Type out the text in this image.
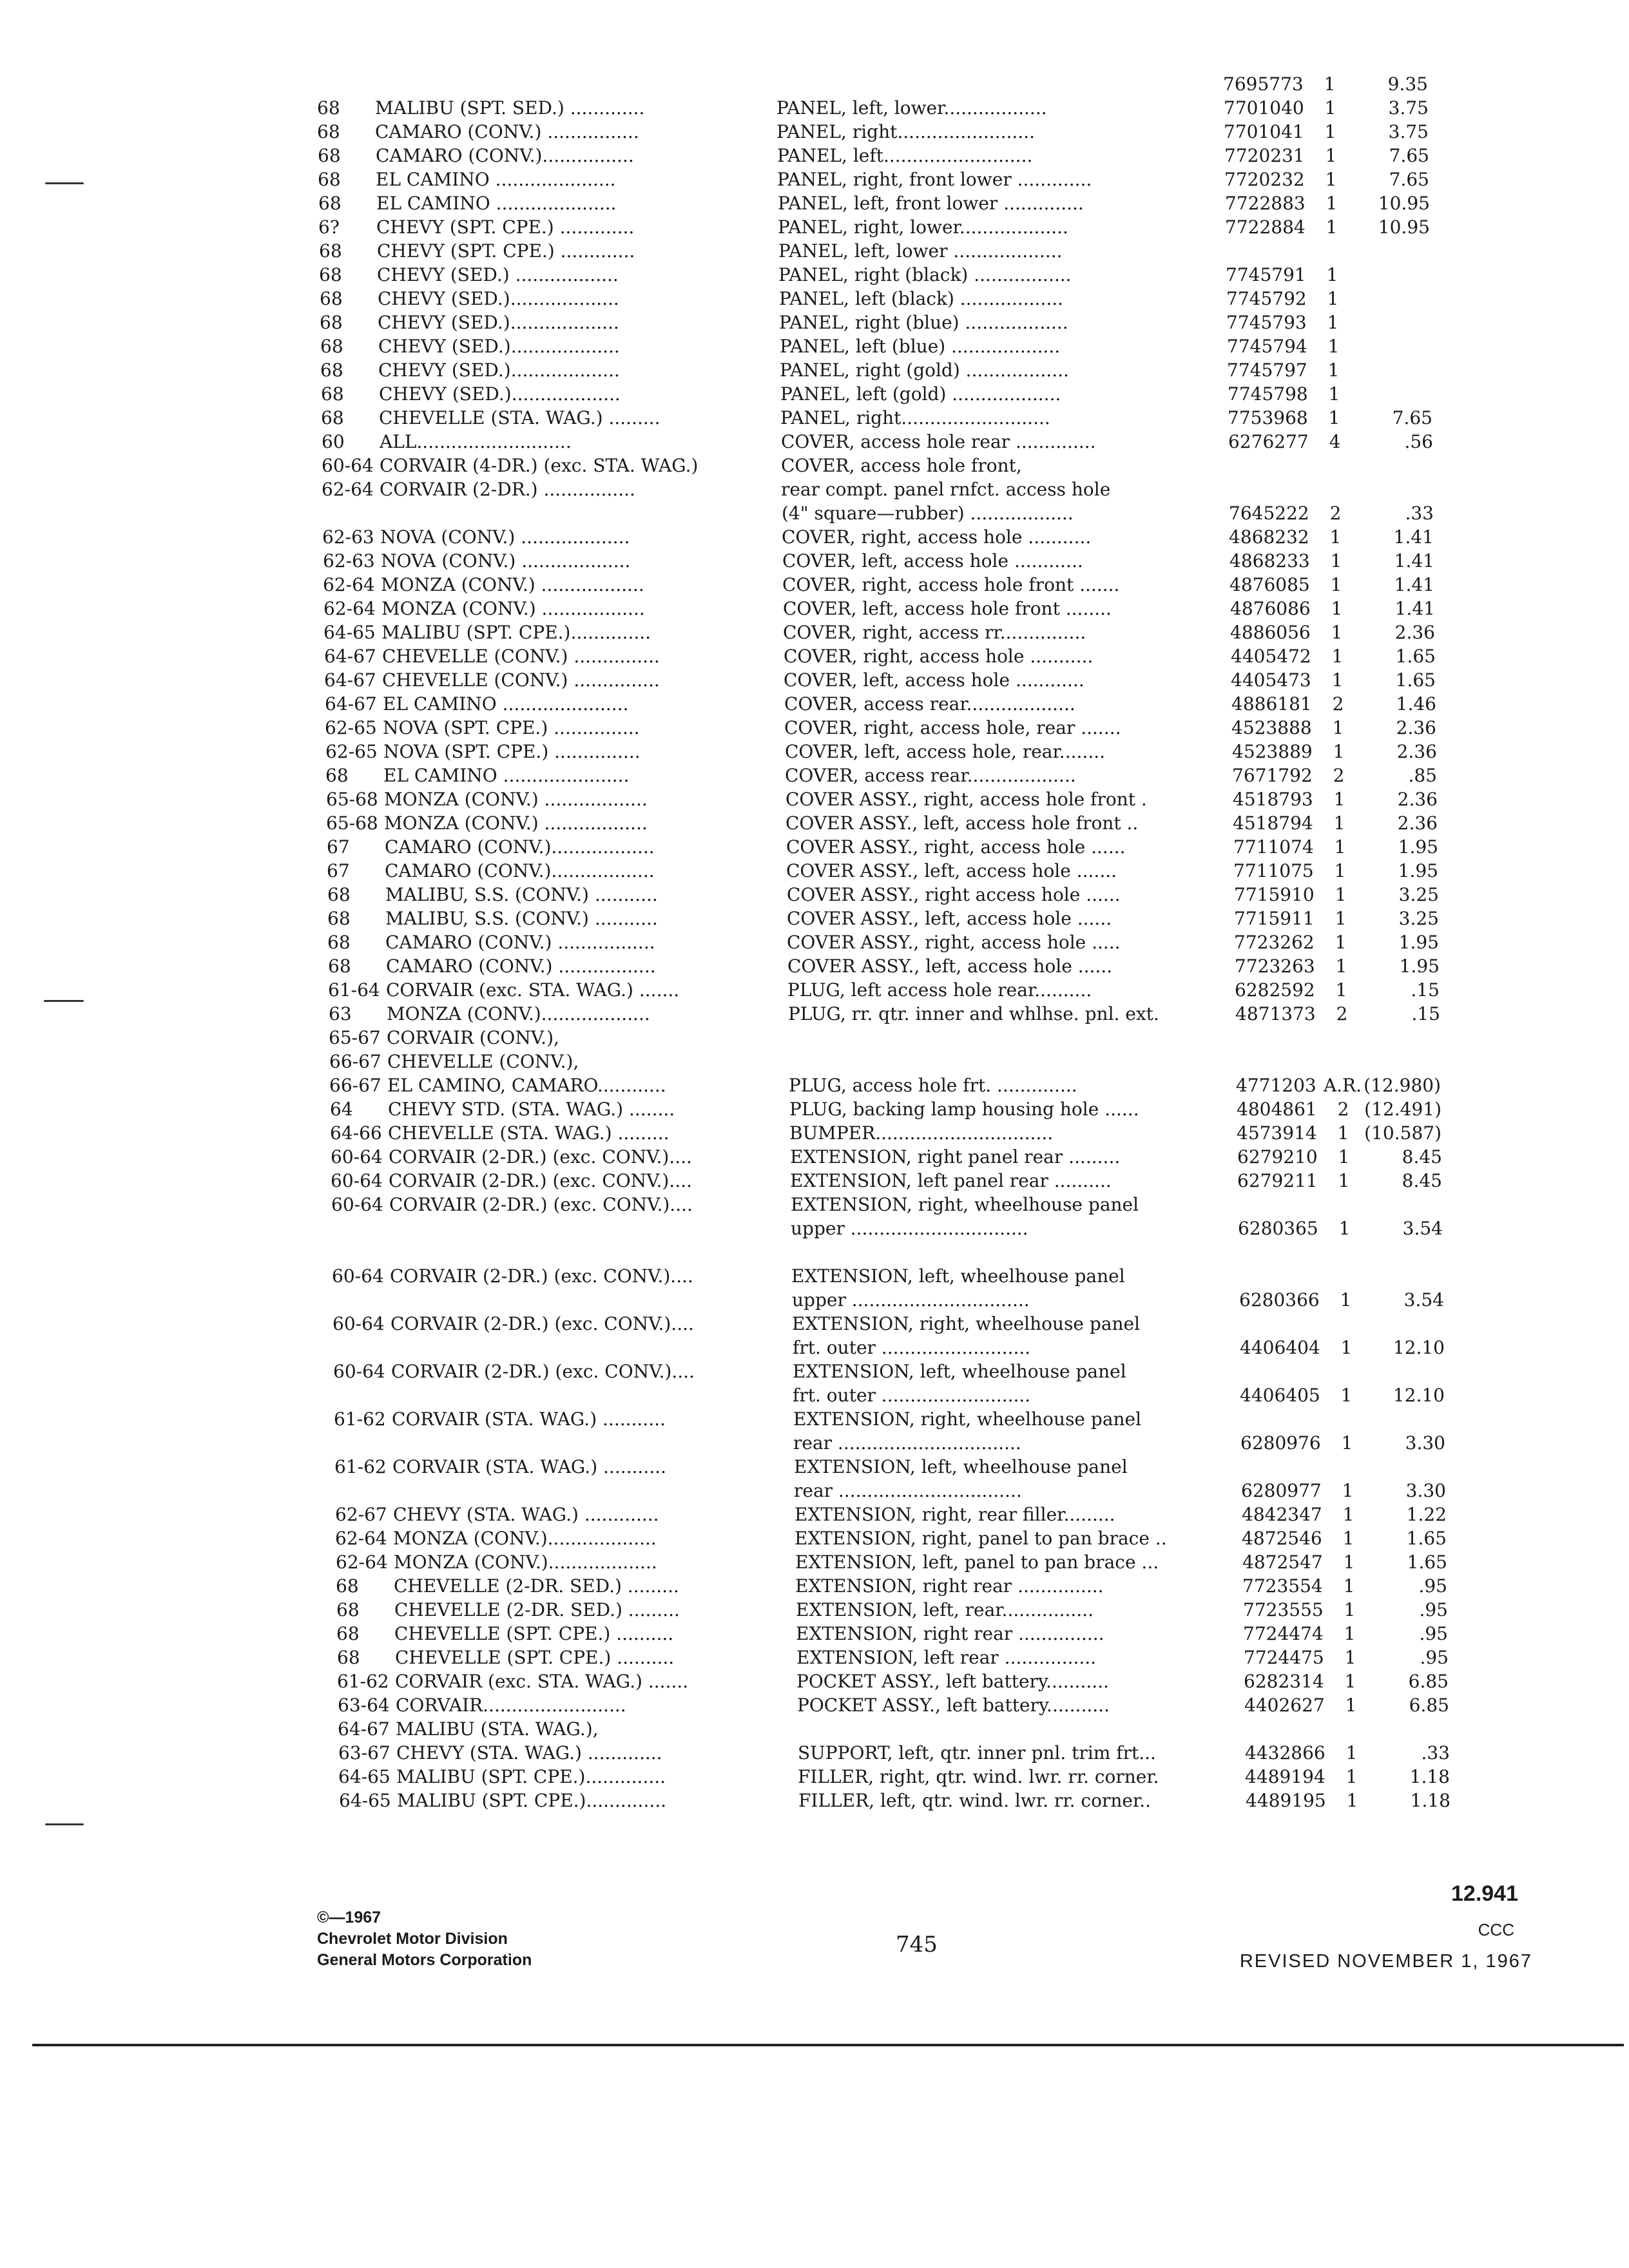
7695773	1	9.35
68	MALIBU (SPT. SED.) .............	PANEL, left, lower..................	7701040	1	3.75
68	CAMARO (CONV.) ................	PANEL, right........................	7701041	1	3.75
68	CAMARO (CONV.)................	PANEL, left..........................	7720231	1	7.65
68	EL CAMINO .....................	PANEL, right, front lower .............	7720232	1	7.65
68	EL CAMINO .....................	PANEL, left, front lower ..............	7722883	1	10.95
6?	CHEVY (SPT. CPE.) .............	PANEL, right, lower...................	7722884	1	10.95
68	CHEVY (SPT. CPE.) .............	PANEL, left, lower ...................
68	CHEVY (SED.) ..................	PANEL, right (black) .................	7745791	1
68	CHEVY (SED.)...................	PANEL, left (black) ..................	7745792	1
68	CHEVY (SED.)...................	PANEL, right (blue) ..................	7745793	1
68	CHEVY (SED.)...................	PANEL, left (blue) ...................	7745794	1
68	CHEVY (SED.)...................	PANEL, right (gold) ..................	7745797	1
68	CHEVY (SED.)...................	PANEL, left (gold) ...................	7745798	1
68	CHEVELLE (STA. WAG.) .........	PANEL, right..........................	7753968	1	7.65
60	ALL...........................	COVER, access hole rear ..............	6276277	4	.56
60-64 CORVAIR (4-DR.) (exc. STA. WAG.)	COVER, access hole front,
62-64 CORVAIR (2-DR.) ................	rear compt. panel rnfct. access hole
(4" square—rubber) ..................	7645222	2	.33
62-63 NOVA (CONV.) ...................	COVER, right, access hole ...........	4868232	1	1.41
62-63 NOVA (CONV.) ...................	COVER, left, access hole ............	4868233	1	1.41
62-64 MONZA (CONV.) ..................	COVER, right, access hole front .......	4876085	1	1.41
62-64 MONZA (CONV.) ..................	COVER, left, access hole front ........	4876086	1	1.41
64-65 MALIBU (SPT. CPE.)..............	COVER, right, access rr...............	4886056	1	2.36
64-67 CHEVELLE (CONV.) ...............	COVER, right, access hole ...........	4405472	1	1.65
64-67 CHEVELLE (CONV.) ...............	COVER, left, access hole ............	4405473	1	1.65
64-67 EL CAMINO ......................	COVER, access rear...................	4886181	2	1.46
62-65 NOVA (SPT. CPE.) ...............	COVER, right, access hole, rear .......	4523888	1	2.36
62-65 NOVA (SPT. CPE.) ...............	COVER, left, access hole, rear........	4523889	1	2.36
68	EL CAMINO ......................	COVER, access rear...................	7671792	2	.85
65-68 MONZA (CONV.) ..................	COVER ASSY., right, access hole front .	4518793	1	2.36
65-68 MONZA (CONV.) ..................	COVER ASSY., left, access hole front ..	4518794	1	2.36
67	CAMARO (CONV.)..................	COVER ASSY., right, access hole ......	7711074	1	1.95
67	CAMARO (CONV.)..................	COVER ASSY., left, access hole .......	7711075	1	1.95
68	MALIBU, S.S. (CONV.) ...........	COVER ASSY., right access hole ......	7715910	1	3.25
68	MALIBU, S.S. (CONV.) ...........	COVER ASSY., left, access hole ......	7715911	1	3.25
68	CAMARO (CONV.) .................	COVER ASSY., right, access hole .....	7723262	1	1.95
68	CAMARO (CONV.) .................	COVER ASSY., left, access hole ......	7723263	1	1.95
61-64 CORVAIR (exc. STA. WAG.) .......	PLUG, left access hole rear..........	6282592	1	.15
63	MONZA (CONV.)...................	PLUG, rr. qtr. inner and whlhse. pnl. ext.	4871373	2	.15
65-67 CORVAIR (CONV.),
66-67 CHEVELLE (CONV.),
66-67 EL CAMINO, CAMARO............	PLUG, access hole frt. ..............	4771203 A.R. (12.980)
64	CHEVY STD. (STA. WAG.) ........	PLUG, backing lamp housing hole ......	4804861	2 (12.491)
64-66 CHEVELLE (STA. WAG.) .........	BUMPER...............................	4573914	1 (10.587)
60-64 CORVAIR (2-DR.) (exc. CONV.)....	EXTENSION, right panel rear .........	6279210	1	8.45
60-64 CORVAIR (2-DR.) (exc. CONV.)....	EXTENSION, left panel rear ..........	6279211	1	8.45
60-64 CORVAIR (2-DR.) (exc. CONV.)....	EXTENSION, right, wheelhouse panel
upper ...............................	6280365	1	3.54
60-64 CORVAIR (2-DR.) (exc. CONV.)....	EXTENSION, left, wheelhouse panel
upper ...............................	6280366	1	3.54
60-64 CORVAIR (2-DR.) (exc. CONV.)....	EXTENSION, right, wheelhouse panel
frt. outer ..........................	4406404	1	12.10
60-64 CORVAIR (2-DR.) (exc. CONV.)....	EXTENSION, left, wheelhouse panel
frt. outer ..........................	4406405	1	12.10
61-62 CORVAIR (STA. WAG.) ...........	EXTENSION, right, wheelhouse panel
rear ................................	6280976	1	3.30
61-62 CORVAIR (STA. WAG.) ...........	EXTENSION, left, wheelhouse panel
rear ................................	6280977	1	3.30
62-67 CHEVY (STA. WAG.) .............	EXTENSION, right, rear filler.........	4842347	1	1.22
62-64 MONZA (CONV.)...................	EXTENSION, right, panel to pan brace ..	4872546	1	1.65
62-64 MONZA (CONV.)...................	EXTENSION, left, panel to pan brace ...	4872547	1	1.65
68	CHEVELLE (2-DR. SED.) .........	EXTENSION, right rear ...............	7723554	1	.95
68	CHEVELLE (2-DR. SED.) .........	EXTENSION, left, rear................	7723555	1	.95
68	CHEVELLE (SPT. CPE.) ..........	EXTENSION, right rear ...............	7724474	1	.95
68	CHEVELLE (SPT. CPE.) ..........	EXTENSION, left rear ................	7724475	1	.95
61-62 CORVAIR (exc. STA. WAG.) .......	POCKET ASSY., left battery...........	6282314	1	6.85
63-64 CORVAIR.........................	POCKET ASSY., left battery...........	4402627	1	6.85
64-67 MALIBU (STA. WAG.),
63-67 CHEVY (STA. WAG.) .............	SUPPORT, left, qtr. inner pnl. trim frt...	4432866	1	.33
64-65 MALIBU (SPT. CPE.)..............	FILLER, right, qtr. wind. lwr. rr. corner.	4489194	1	1.18
64-65 MALIBU (SPT. CPE.)..............	FILLER, left, qtr. wind. lwr. rr. corner..	4489195	1	1.18
©—1967
Chevrolet Motor Division
General Motors Corporation
745
12.941
CCC
REVISED NOVEMBER 1, 1967
